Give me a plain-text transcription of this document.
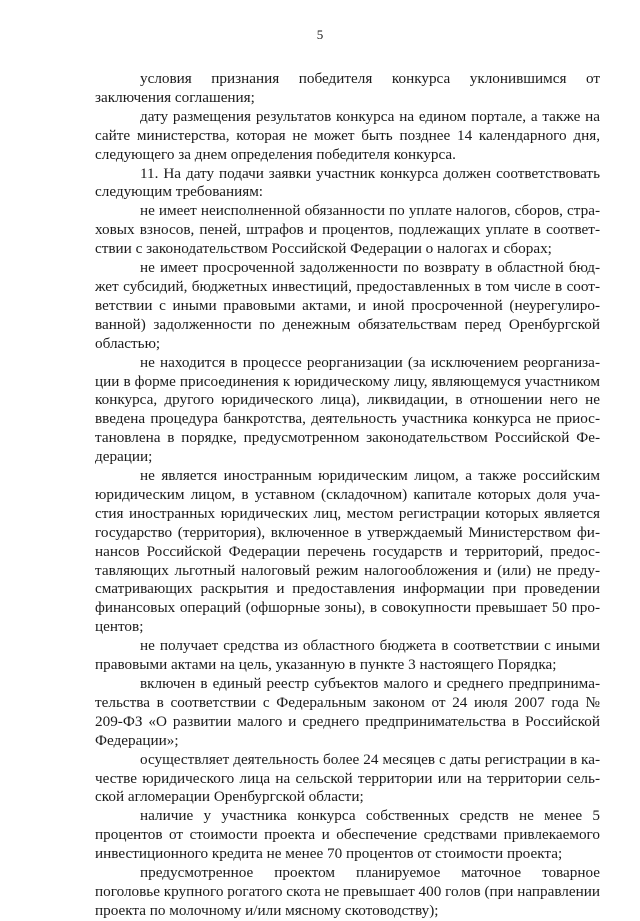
5

условия признания победителя конкурса уклонившимся от заключения соглашения;

дату размещения результатов конкурса на едином портале, а также на сайте министерства, которая не может быть позднее 14 календарного дня, следующего за днем определения победителя конкурса.

11. На дату подачи заявки участник конкурса должен соответствовать следующим требованиям:

не имеет неисполненной обязанности по уплате налогов, сборов, страховых взносов, пеней, штрафов и процентов, подлежащих уплате в соответствии с законодательством Российской Федерации о налогах и сборах;

не имеет просроченной задолженности по возврату в областной бюджет субсидий, бюджетных инвестиций, предоставленных в том числе в соответствии с иными правовыми актами, и иной просроченной (неурегулированной) задолженности по денежным обязательствам перед Оренбургской областью;

не находится в процессе реорганизации (за исключением реорганизации в форме присоединения к юридическому лицу, являющемуся участником конкурса, другого юридического лица), ликвидации, в отношении него не введена процедура банкротства, деятельность участника конкурса не приостановлена в порядке, предусмотренном законодательством Российской Федерации;

не является иностранным юридическим лицом, а также российским юридическим лицом, в уставном (складочном) капитале которых доля участия иностранных юридических лиц, местом регистрации которых является государство (территория), включенное в утверждаемый Министерством финансов Российской Федерации перечень государств и территорий, предоставляющих льготный налоговый режим налогообложения и (или) не предусматривающих раскрытия и предоставления информации при проведении финансовых операций (офшорные зоны), в совокупности превышает 50 процентов;

не получает средства из областного бюджета в соответствии с иными правовыми актами на цель, указанную в пункте 3 настоящего Порядка;

включен в единый реестр субъектов малого и среднего предпринимательства в соответствии с Федеральным законом от 24 июля 2007 года № 209-ФЗ «О развитии малого и среднего предпринимательства в Российской Федерации»;

осуществляет деятельность более 24 месяцев с даты регистрации в качестве юридического лица на сельской территории или на территории сельской агломерации Оренбургской области;

наличие у участника конкурса собственных средств не менее 5 процентов от стоимости проекта и обеспечение средствами привлекаемого инвестиционного кредита не менее 70 процентов от стоимости проекта;

предусмотренное проектом планируемое маточное товарное поголовье крупного рогатого скота не превышает 400 голов (при направлении проекта по молочному и/или мясному скотоводству);
